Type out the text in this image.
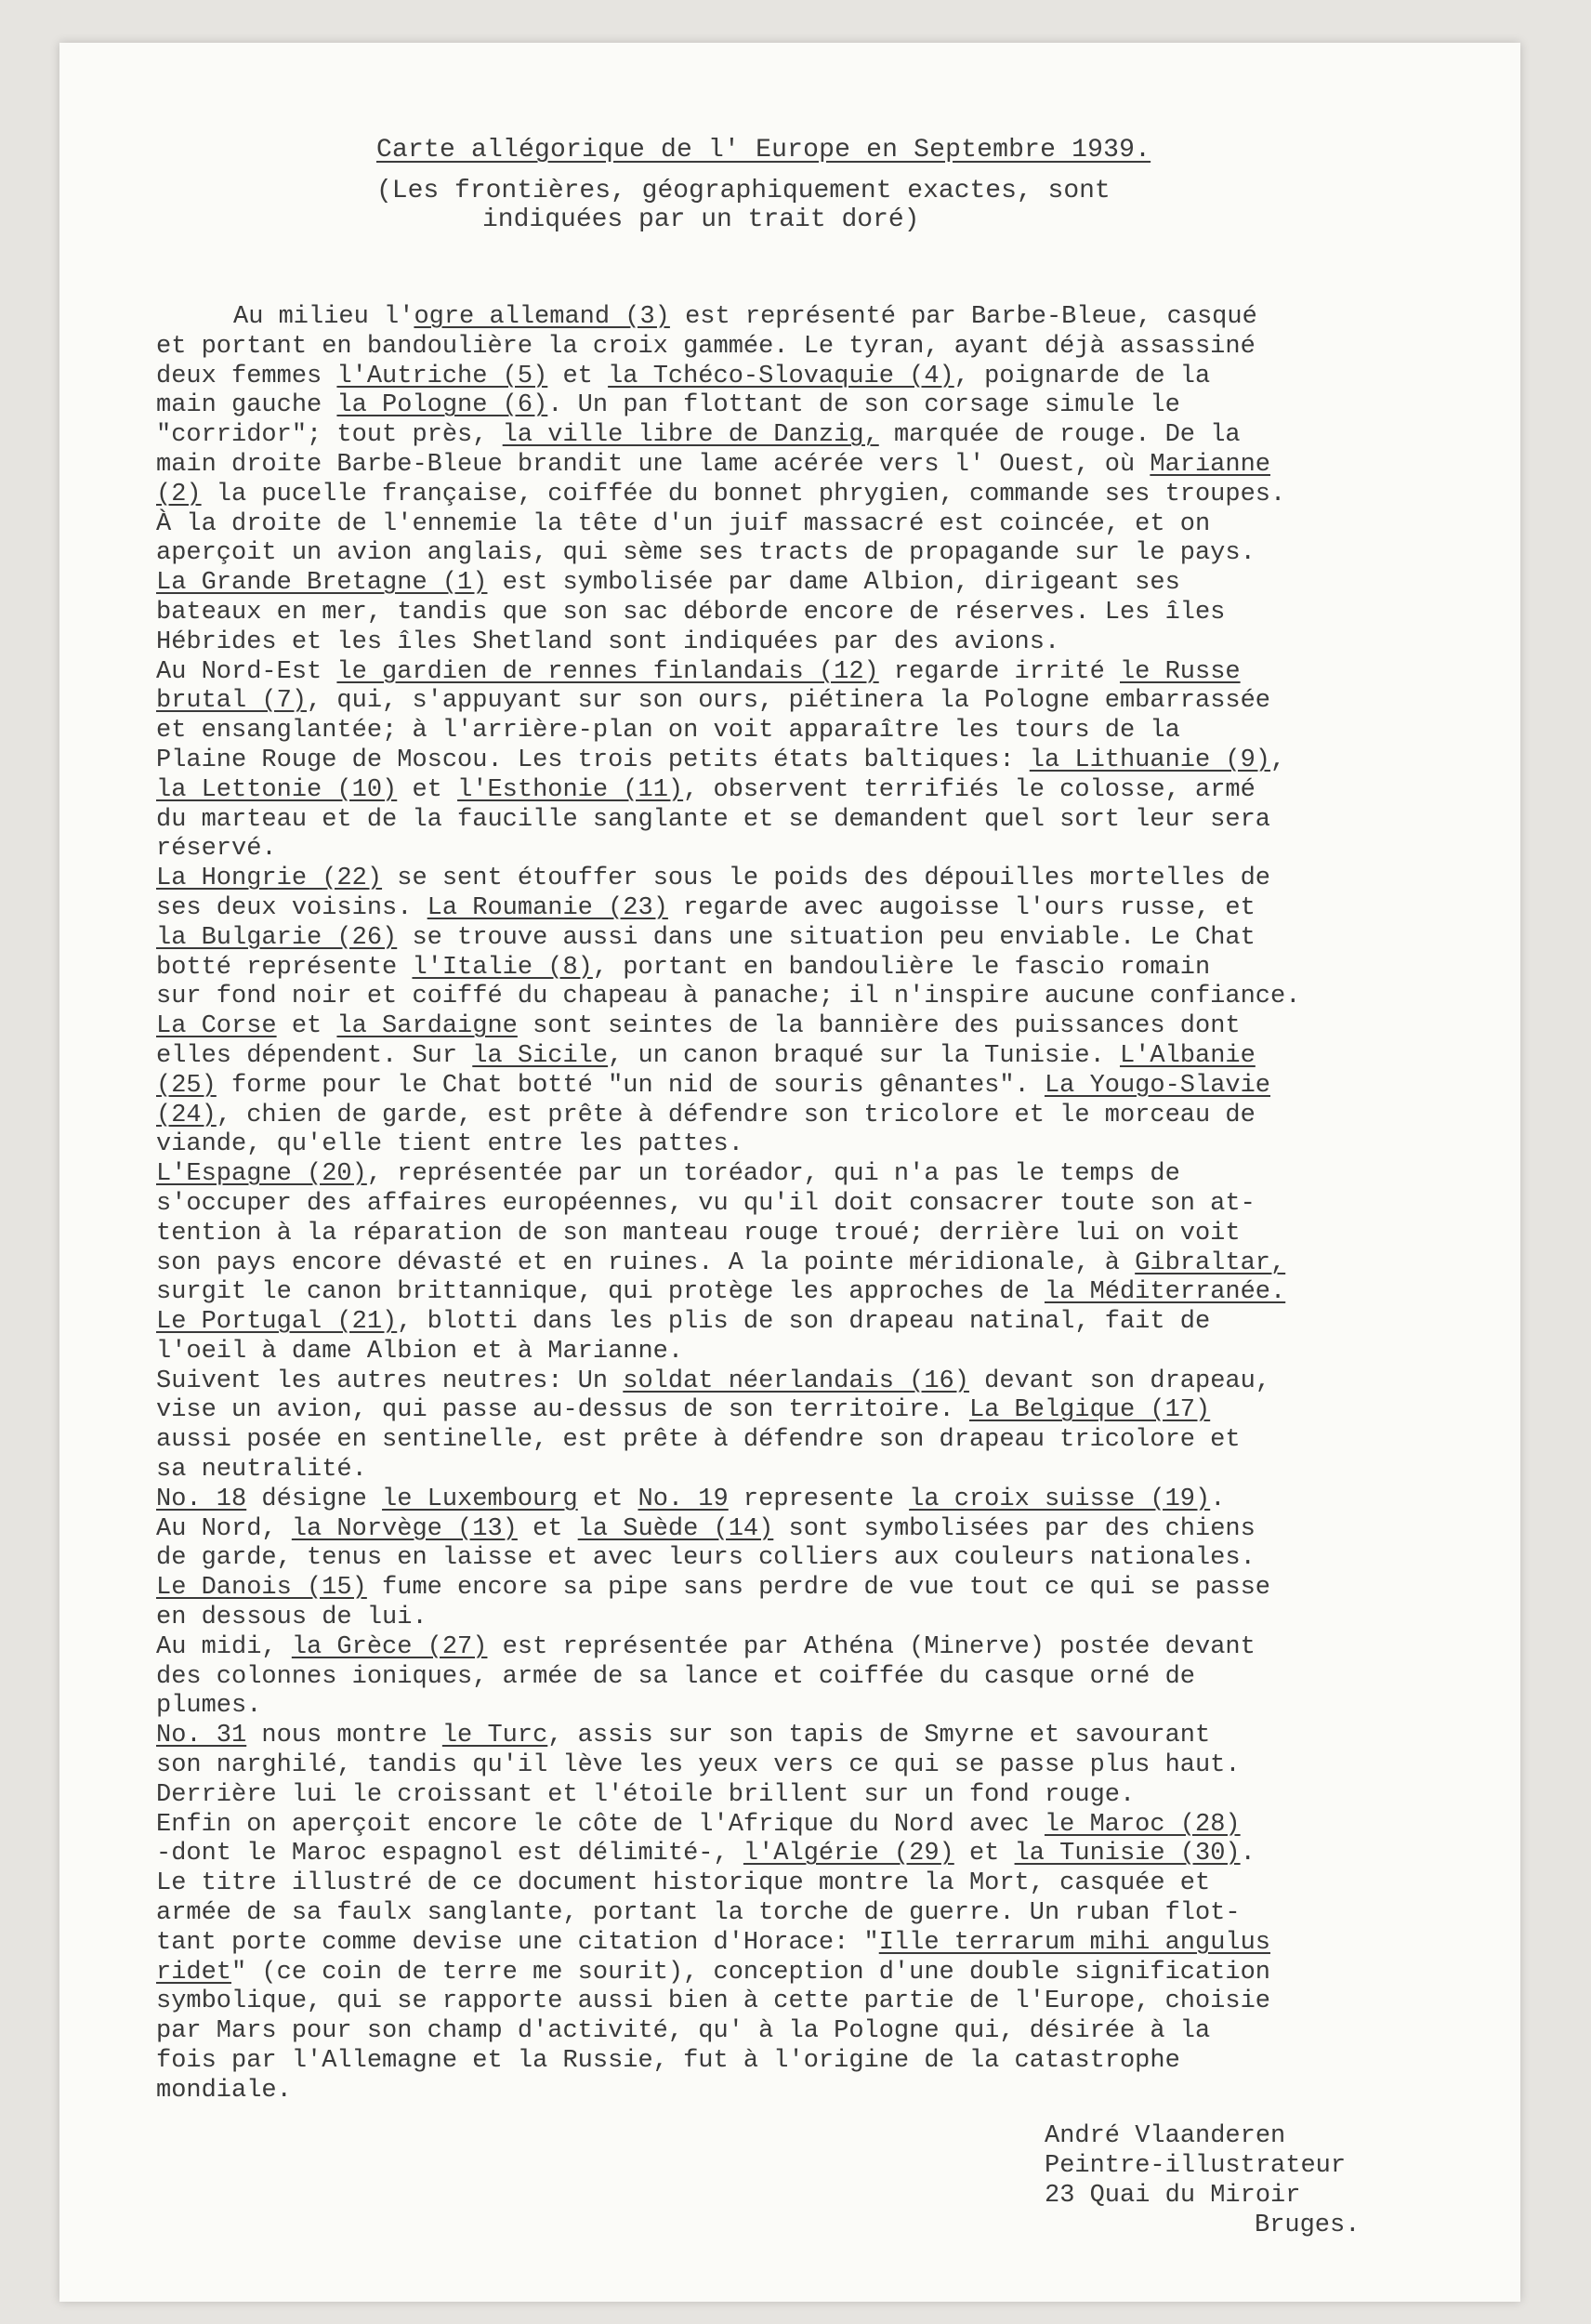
Carte allégorique de l' Europe en Septembre 1939.
(Les frontières, géographiquement exactes, sont
indiquées par un trait doré)
Au milieu l'ogre allemand (3) est représenté par Barbe-Bleue, casqué
et portant en bandoulière la croix gammée. Le tyran, ayant déjà assassiné
deux femmes l'Autriche (5) et la Tchéco-Slovaquie (4), poignarde de la
main gauche la Pologne (6). Un pan flottant de son corsage simule le
"corridor"; tout près, la ville libre de Danzig, marquée de rouge. De la
main droite Barbe-Bleue brandit une lame acérée vers l' Ouest, où Marianne
(2) la pucelle française, coiffée du bonnet phrygien, commande ses troupes.
À la droite de l'ennemie la tête d'un juif massacré est coincée, et on
aperçoit un avion anglais, qui sème ses tracts de propagande sur le pays.
La Grande Bretagne (1) est symbolisée par dame Albion, dirigeant ses
bateaux en mer, tandis que son sac déborde encore de réserves. Les îles
Hébrides et les îles Shetland sont indiquées par des avions.
Au Nord-Est le gardien de rennes finlandais (12) regarde irrité le Russe
brutal (7), qui, s'appuyant sur son ours, piétinera la Pologne embarrassée
et ensanglantée; à l'arrière-plan on voit apparaître les tours de la
Plaine Rouge de Moscou. Les trois petits états baltiques: la Lithuanie (9),
la Lettonie (10) et l'Esthonie (11), observent terrifiés le colosse, armé
du marteau et de la faucille sanglante et se demandent quel sort leur sera
réservé.
La Hongrie (22) se sent étouffer sous le poids des dépouilles mortelles de
ses deux voisins. La Roumanie (23) regarde avec augoisse l'ours russe, et
la Bulgarie (26) se trouve aussi dans une situation peu enviable. Le Chat
botté représente l'Italie (8), portant en bandoulière le fascio romain
sur fond noir et coiffé du chapeau à panache; il n'inspire aucune confiance.
La Corse et la Sardaigne sont seintes de la bannière des puissances dont
elles dépendent. Sur la Sicile, un canon braqué sur la Tunisie. L'Albanie
(25) forme pour le Chat botté "un nid de souris gênantes". La Yougo-Slavie
(24), chien de garde, est prête à défendre son tricolore et le morceau de
viande, qu'elle tient entre les pattes.
L'Espagne (20), représentée par un toréador, qui n'a pas le temps de
s'occuper des affaires européennes, vu qu'il doit consacrer toute son at-
tention à la réparation de son manteau rouge troué; derrière lui on voit
son pays encore dévasté et en ruines. A la pointe méridionale, à Gibraltar,
surgit le canon brittannique, qui protège les approches de la Méditerranée.
Le Portugal (21), blotti dans les plis de son drapeau natinal, fait de
l'oeil à dame Albion et à Marianne.
Suivent les autres neutres: Un soldat néerlandais (16) devant son drapeau,
vise un avion, qui passe au-dessus de son territoire. La Belgique (17)
aussi posée en sentinelle, est prête à défendre son drapeau tricolore et
sa neutralité.
No. 18 désigne le Luxembourg et No. 19 represente la croix suisse (19).
Au Nord, la Norvège (13) et la Suède (14) sont symbolisées par des chiens
de garde, tenus en laisse et avec leurs colliers aux couleurs nationales.
Le Danois (15) fume encore sa pipe sans perdre de vue tout ce qui se passe
en dessous de lui.
Au midi, la Grèce (27) est représentée par Athéna (Minerve) postée devant
des colonnes ioniques, armée de sa lance et coiffée du casque orné de
plumes.
No. 31 nous montre le Turc, assis sur son tapis de Smyrne et savourant
son narghilé, tandis qu'il lève les yeux vers ce qui se passe plus haut.
Derrière lui le croissant et l'étoile brillent sur un fond rouge.
Enfin on aperçoit encore le côte de l'Afrique du Nord avec le Maroc (28)
-dont le Maroc espagnol est délimité-, l'Algérie (29) et la Tunisie (30).
Le titre illustré de ce document historique montre la Mort, casquée et
armée de sa faulx sanglante, portant la torche de guerre. Un ruban flot-
tant porte comme devise une citation d'Horace: "Ille terrarum mihi angulus
ridet" (ce coin de terre me sourit), conception d'une double signification
symbolique, qui se rapporte aussi bien à cette partie de l'Europe, choisie
par Mars pour son champ d'activité, qu' à la Pologne qui, désirée à la
fois par l'Allemagne et la Russie, fut à l'origine de la catastrophe
mondiale.
André Vlaanderen
Peintre-illustrateur
23 Quai du Miroir
Bruges.
